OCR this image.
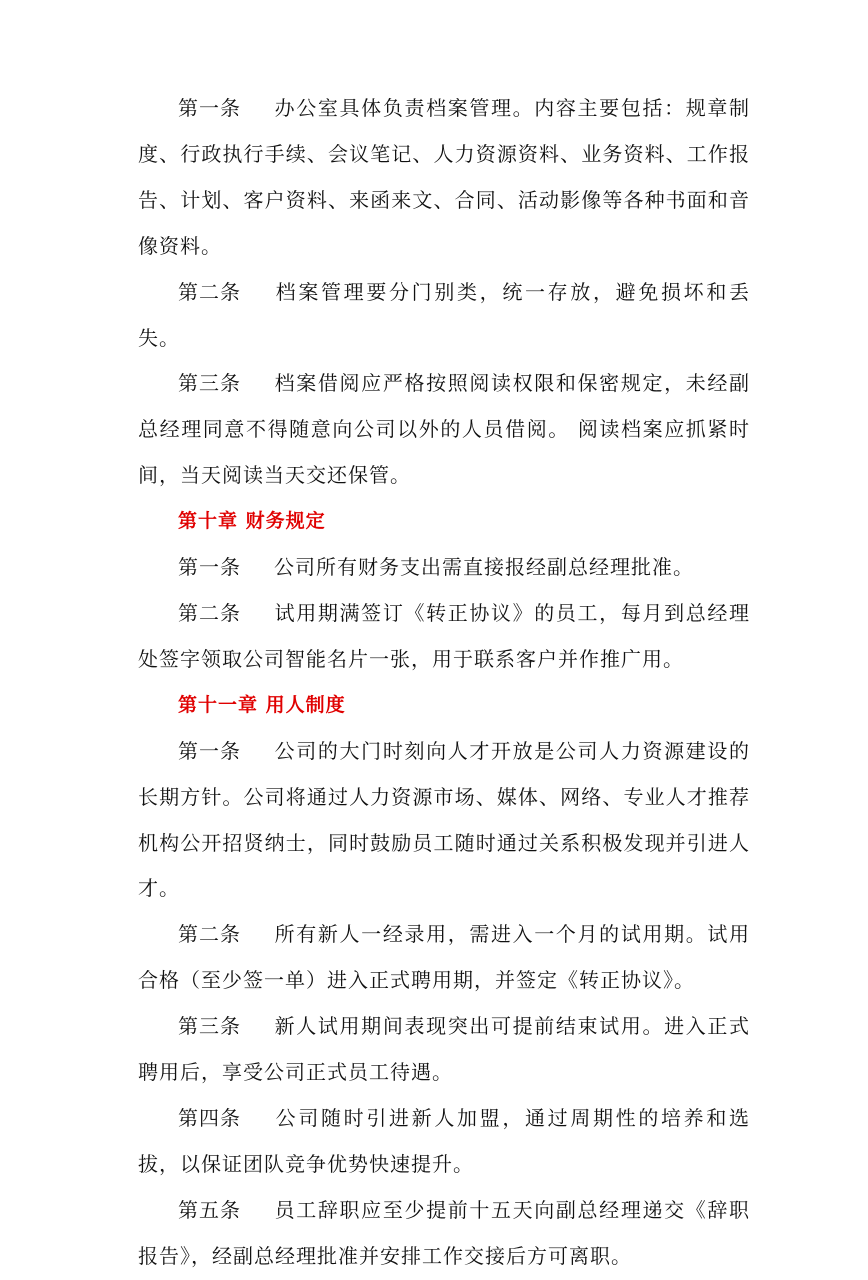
第一条 办公室具体负责档案管理。内容主要包括：规章制度、行政执行手续、会议笔记、人力资源资料、业务资料、工作报告、计划、客户资料、来函来文、合同、活动影像等各种书面和音像资料。

第二条 档案管理要分门别类，统一存放，避免损坏和丢失。

第三条 档案借阅应严格按照阅读权限和保密规定，未经副总经理同意不得随意向公司以外的人员借阅。 阅读档案应抓紧时间，当天阅读当天交还保管。

第十章 财务规定

第一条 公司所有财务支出需直接报经副总经理批准。

第二条 试用期满签订《转正协议》的员工，每月到总经理处签字领取公司智能名片一张，用于联系客户并作推广用。

第十一章 用人制度

第一条 公司的大门时刻向人才开放是公司人力资源建设的长期方针。公司将通过人力资源市场、媒体、网络、专业人才推荐机构公开招贤纳士，同时鼓励员工随时通过关系积极发现并引进人才。

第二条 所有新人一经录用，需进入一个月的试用期。试用合格（至少签一单）进入正式聘用期，并签定《转正协议》。

第三条 新人试用期间表现突出可提前结束试用。进入正式聘用后，享受公司正式员工待遇。

第四条 公司随时引进新人加盟，通过周期性的培养和选拔，以保证团队竞争优势快速提升。

第五条 员工辞职应至少提前十五天向副总经理递交《辞职报告》，经副总经理批准并安排工作交接后方可离职。
